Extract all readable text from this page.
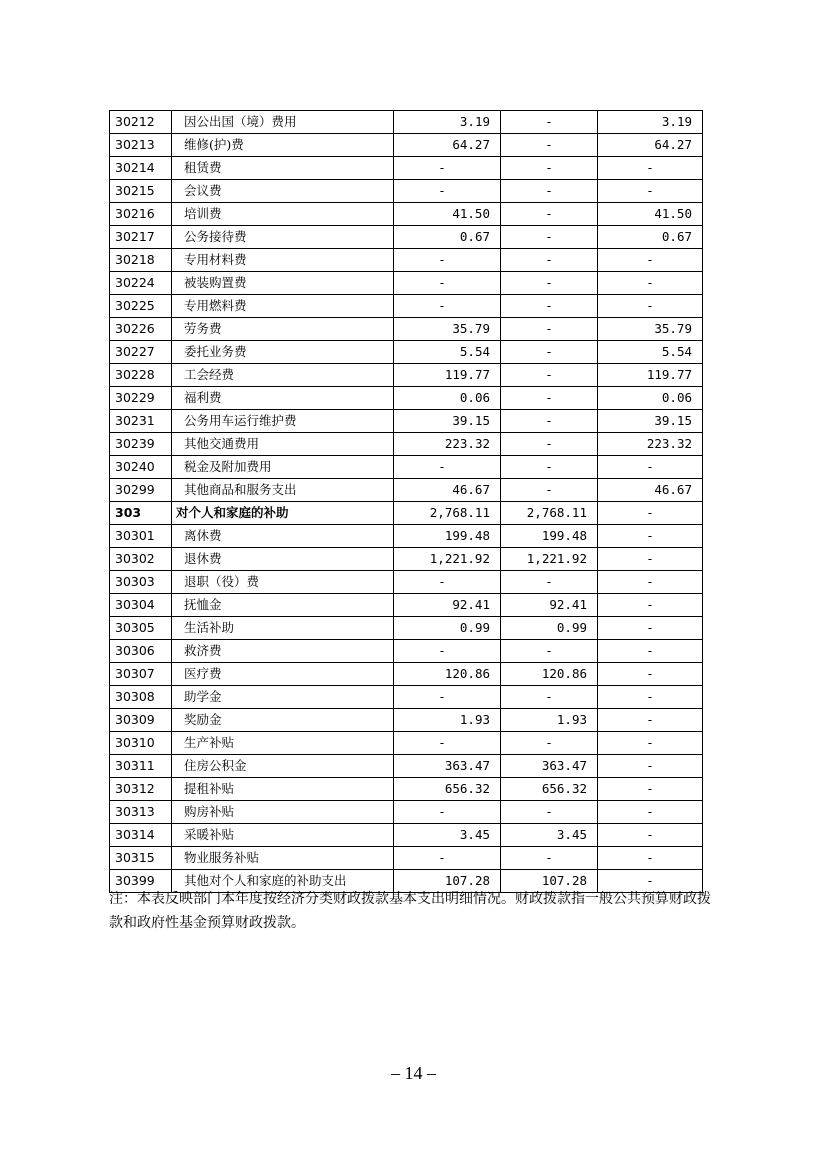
30212	因公出国（境）费用	3.19	-	3.19
30213	维修(护)费	64.27	-	64.27
30214	租赁费	-	-	-
30215	会议费	-	-	-
30216	培训费	41.50	-	41.50
30217	公务接待费	0.67	-	0.67
30218	专用材料费	-	-	-
30224	被装购置费	-	-	-
30225	专用燃料费	-	-	-
30226	劳务费	35.79	-	35.79
30227	委托业务费	5.54	-	5.54
30228	工会经费	119.77	-	119.77
30229	福利费	0.06	-	0.06
30231	公务用车运行维护费	39.15	-	39.15
30239	其他交通费用	223.32	-	223.32
30240	税金及附加费用	-	-	-
30299	其他商品和服务支出	46.67	-	46.67
303	对个人和家庭的补助	2,768.11	2,768.11	-
30301	离休费	199.48	199.48	-
30302	退休费	1,221.92	1,221.92	-
30303	退职（役）费	-	-	-
30304	抚恤金	92.41	92.41	-
30305	生活补助	0.99	0.99	-
30306	救济费	-	-	-
30307	医疗费	120.86	120.86	-
30308	助学金	-	-	-
30309	奖励金	1.93	1.93	-
30310	生产补贴	-	-	-
30311	住房公积金	363.47	363.47	-
30312	提租补贴	656.32	656.32	-
30313	购房补贴	-	-	-
30314	采暖补贴	3.45	3.45	-
30315	物业服务补贴	-	-	-
30399	其他对个人和家庭的补助支出	107.28	107.28	-
注：本表反映部门本年度按经济分类财政拨款基本支出明细情况。财政拨款指一般公共预算财政拨款和政府性基金预算财政拨款。
– 14 –
